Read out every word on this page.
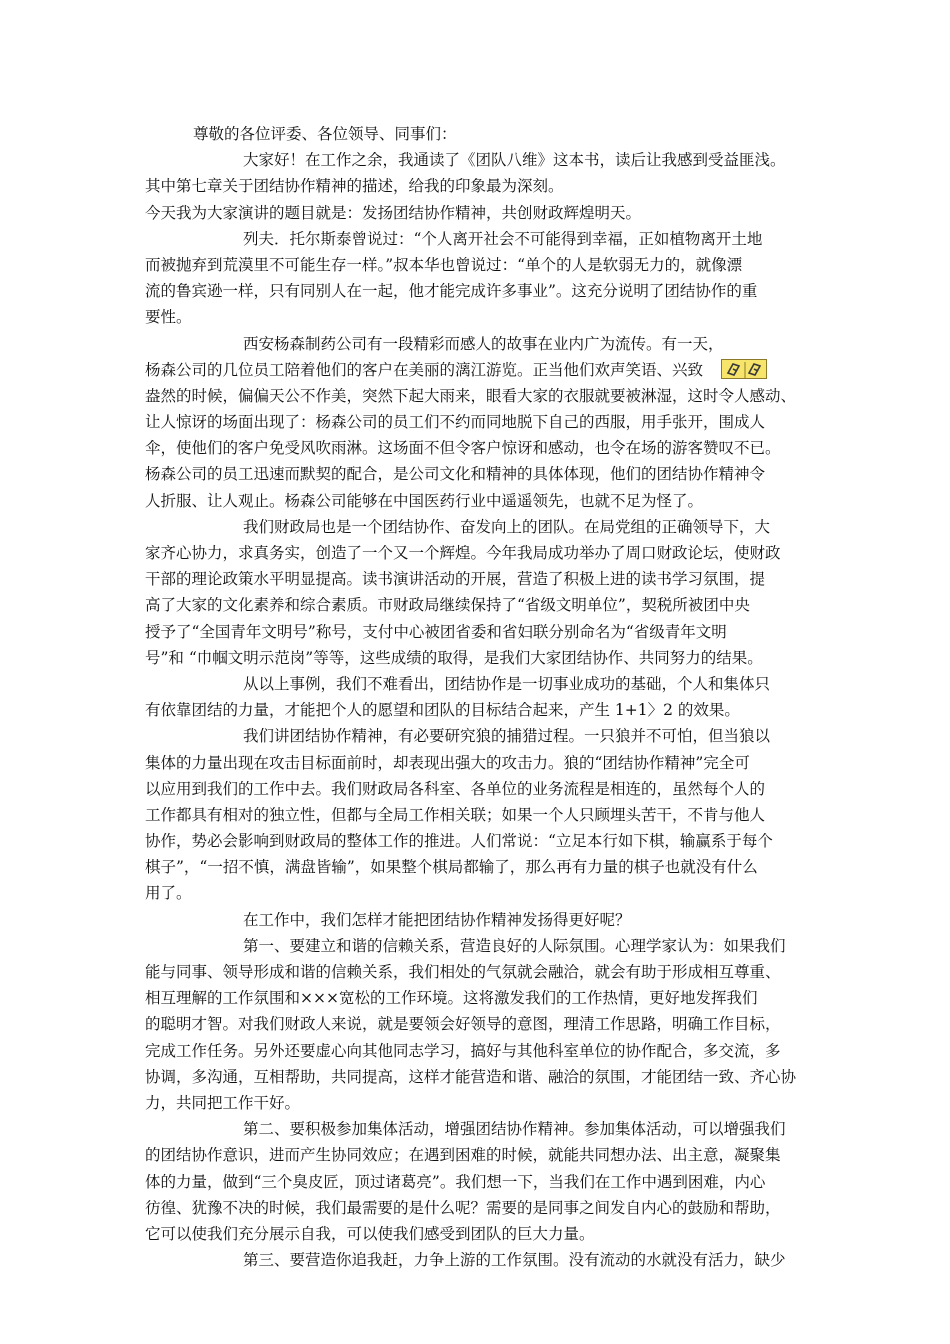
尊敬的各位评委、各位领导、同事们：
大家好！在工作之余，我通读了《团队八维》这本书，读后让我感到受益匪浅。
其中第七章关于团结协作精神的描述，给我的印象最为深刻。
今天我为大家演讲的题目就是：发扬团结协作精神，共创财政辉煌明天。
列夫．托尔斯泰曾说过：“个人离开社会不可能得到幸福，正如植物离开土地
而被抛弃到荒漠里不可能生存一样。”叔本华也曾说过：“单个的人是软弱无力的，就像漂
流的鲁宾逊一样，只有同别人在一起，他才能完成许多事业”。这充分说明了团结协作的重
要性。
西安杨森制药公司有一段精彩而感人的故事在业内广为流传。有一天，
杨森公司的几位员工陪着他们的客户在美丽的漓江游览。正当他们欢声笑语、兴致
盎然的时候，偏偏天公不作美，突然下起大雨来，眼看大家的衣服就要被淋湿，这时令人感动、
让人惊讶的场面出现了：杨森公司的员工们不约而同地脱下自己的西服，用手张开，围成人
伞，使他们的客户免受风吹雨淋。这场面不但令客户惊讶和感动，也令在场的游客赞叹不已。
杨森公司的员工迅速而默契的配合，是公司文化和精神的具体体现，他们的团结协作精神令
人折服、让人观止。杨森公司能够在中国医药行业中遥遥领先，也就不足为怪了。
我们财政局也是一个团结协作、奋发向上的团队。在局党组的正确领导下，大
家齐心协力，求真务实，创造了一个又一个辉煌。今年我局成功举办了周口财政论坛，使财政
干部的理论政策水平明显提高。读书演讲活动的开展，营造了积极上进的读书学习氛围，提
高了大家的文化素养和综合素质。市财政局继续保持了“省级文明单位”，契税所被团中央
授予了“全国青年文明号”称号，支付中心被团省委和省妇联分别命名为“省级青年文明
号”和 “巾帼文明示范岗”等等，这些成绩的取得，是我们大家团结协作、共同努力的结果。
从以上事例，我们不难看出，团结协作是一切事业成功的基础，个人和集体只
有依靠团结的力量，才能把个人的愿望和团队的目标结合起来，产生 1+1〉2 的效果。
我们讲团结协作精神，有必要研究狼的捕猎过程。一只狼并不可怕，但当狼以
集体的力量出现在攻击目标面前时，却表现出强大的攻击力。狼的“团结协作精神”完全可
以应用到我们的工作中去。我们财政局各科室、各单位的业务流程是相连的，虽然每个人的
工作都具有相对的独立性，但都与全局工作相关联；如果一个人只顾埋头苦干，不肯与他人
协作，势必会影响到财政局的整体工作的推进。人们常说：“立足本行如下棋，输赢系于每个
棋子”，“一招不慎，满盘皆输”，如果整个棋局都输了，那么再有力量的棋子也就没有什么
用了。
在工作中，我们怎样才能把团结协作精神发扬得更好呢？
第一、要建立和谐的信赖关系，营造良好的人际氛围。心理学家认为：如果我们
能与同事、领导形成和谐的信赖关系，我们相处的气氛就会融洽，就会有助于形成相互尊重、
相互理解的工作氛围和×××宽松的工作环境。这将激发我们的工作热情，更好地发挥我们
的聪明才智。对我们财政人来说，就是要领会好领导的意图，理清工作思路，明确工作目标，
完成工作任务。另外还要虚心向其他同志学习，搞好与其他科室单位的协作配合，多交流，多
协调，多沟通，互相帮助，共同提高，这样才能营造和谐、融洽的氛围，才能团结一致、齐心协
力，共同把工作干好。
第二、要积极参加集体活动，增强团结协作精神。参加集体活动，可以增强我们
的团结协作意识，进而产生协同效应；在遇到困难的时候，就能共同想办法、出主意，凝聚集
体的力量，做到“三个臭皮匠，顶过诸葛亮”。我们想一下，当我们在工作中遇到困难，内心
彷徨、犹豫不决的时候，我们最需要的是什么呢？需要的是同事之间发自内心的鼓励和帮助，
它可以使我们充分展示自我，可以使我们感受到团队的巨大力量。
第三、要营造你追我赶，力争上游的工作氛围。没有流动的水就没有活力，缺少
